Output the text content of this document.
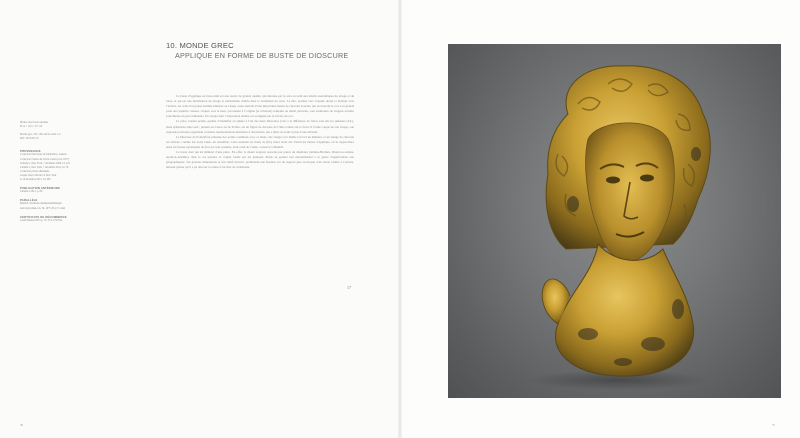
Bronze doré traces platines
H.12 × l.8,5 × P.7 cm
Monde grec, IVe - IIIe siècle avant J.-C.
Réf.: 2013.001.01
PROVENANCE
Collection Peter Kine de Montalicio, Genève
Collection Charles & Claire Lomas (vers 1977)
Sotheby’s, New York, 7 décembre 2000, lot 125
Christie’s, New York, 7 décembre 2012, lot 76
Collection privée allemande
Acquis chez Christie’s à New York
le 10 décembre 2013, lot 186
PUBLICATION ANTÉRIEURE
Christie’s 2012, p. 86
PARALLÈLE
Munich, Staatliche Antikensammlungen
und Glyptothek, inv. SL 1975, B, 217-1444
CERTIFICATS DE DÉCOMMERCE
Crédit Mutuel 2013 p. 70, TCL 179 Fine
10. MONDE GREC
APPLIQUE EN FORME DE BUSTE DE DIOSCURE

Ce buste d’applique en bois-relief est une œuvre de grande qualité, qui détonne par le soin accordé aux détails anatomiques du visage et du torse, et qui est une idéalisation du visage et naturalisme visible dans le traitement du torse. La tête, tournée vers l’épaule droite et inclinée vers l’arrière, est celle d’un jeune homme imberbe au visage ovale auréolé d’une importante masse de cheveux bouclés, qui recouvrent le cou. Les grands yeux aux pupilles creuses, cirques vers le haut, qui étaient à l’origine (et éclairent) remplies de métal précieux, sont surmontés de longues arcades sourcilières un peu tombantes. Un visage dont l’expression tendue est soulignée par le travers du cou.

Le pilos, bonnet pointu, permet d’identifier en sphère à l’un des deux Dioscures (voir à la différence de frères sont nés les jumeaux (Lit.), mais symbolisé entre eux : présent au Castor ou de Pollux, est un figuré de chevaux de l’âme tolérés sur le front. Il forme couple de son visage, son expression rêveuse rappellent certaines représentations idéalisées d’Alexandre, qui a pilés ses traits à plus d’une divinité.

La Dioscure de Pontnyfran présente des points communs avec ce buste, des visage et le même raccord un élément, et un frange de cheveux est relevée, comme sur notre buste, un ensemble. Cette statuette est datée de (fin) avant notre ère. Parmi les bustes d’applique, on le rapprochera aussi les bustes représentés de face par leur système, dont celui de l’Ams, conservé à Munich.

Ce buste doré qui ait élément d’une pièce. En effet, le disent toujours associés par paires du dénidaire (Athéna-Hermès, Dionysos-Ariane, Apollon-Artémis), dans le cas présent, le couple formé par les jumeaux divins au permet tres naturellement à ce genre d’applications aux géographiques. Ses grandes dimensions et son relief incurvé, permettent une fixation sur un support plat au moyen d’un tenon visible à l’arrière, laissent penser qu’il a pu décorer la caisse d’un char de cérémonie.

17
36	37
